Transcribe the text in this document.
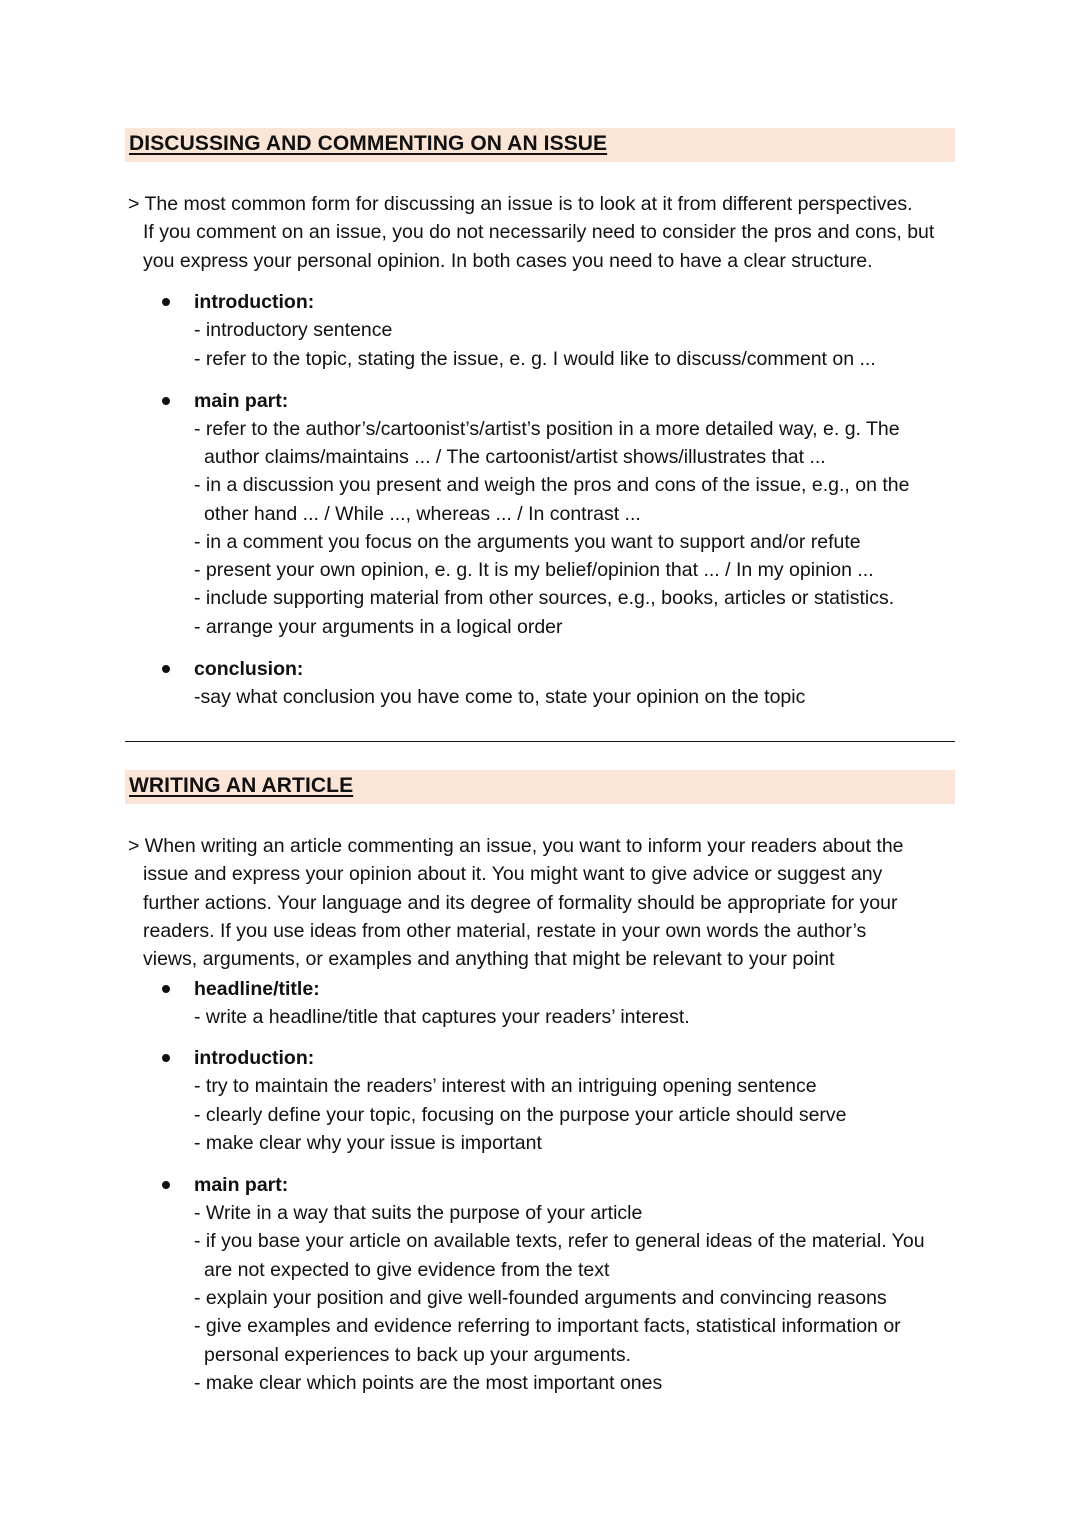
DISCUSSING AND COMMENTING ON AN ISSUE
> The most common form for discussing an issue is to look at it from different perspectives.
If you comment on an issue, you do not necessarily need to consider the pros and cons, but
you express your personal opinion. In both cases you need to have a clear structure.
introduction:
- introductory sentence
- refer to the topic, stating the issue, e. g. I would like to discuss/comment on ...
main part:
- refer to the author’s/cartoonist’s/artist’s position in a more detailed way, e. g. The
author claims/maintains ... / The cartoonist/artist shows/illustrates that ...
- in a discussion you present and weigh the pros and cons of the issue, e.g., on the
other hand ... / While ..., whereas ... / In contrast ...
- in a comment you focus on the arguments you want to support and/or refute
- present your own opinion, e. g. It is my belief/opinion that ... / In my opinion ...
- include supporting material from other sources, e.g., books, articles or statistics.
- arrange your arguments in a logical order
conclusion:
-say what conclusion you have come to, state your opinion on the topic
WRITING AN ARTICLE
> When writing an article commenting an issue, you want to inform your readers about the
issue and express your opinion about it. You might want to give advice or suggest any
further actions. Your language and its degree of formality should be appropriate for your
readers. If you use ideas from other material, restate in your own words the author’s
views, arguments, or examples and anything that might be relevant to your point
headline/title:
- write a headline/title that captures your readers’ interest.
introduction:
- try to maintain the readers’ interest with an intriguing opening sentence
- clearly define your topic, focusing on the purpose your article should serve
- make clear why your issue is important
main part:
- Write in a way that suits the purpose of your article
- if you base your article on available texts, refer to general ideas of the material. You
are not expected to give evidence from the text
- explain your position and give well-founded arguments and convincing reasons
- give examples and evidence referring to important facts, statistical information or
personal experiences to back up your arguments.
- make clear which points are the most important ones
